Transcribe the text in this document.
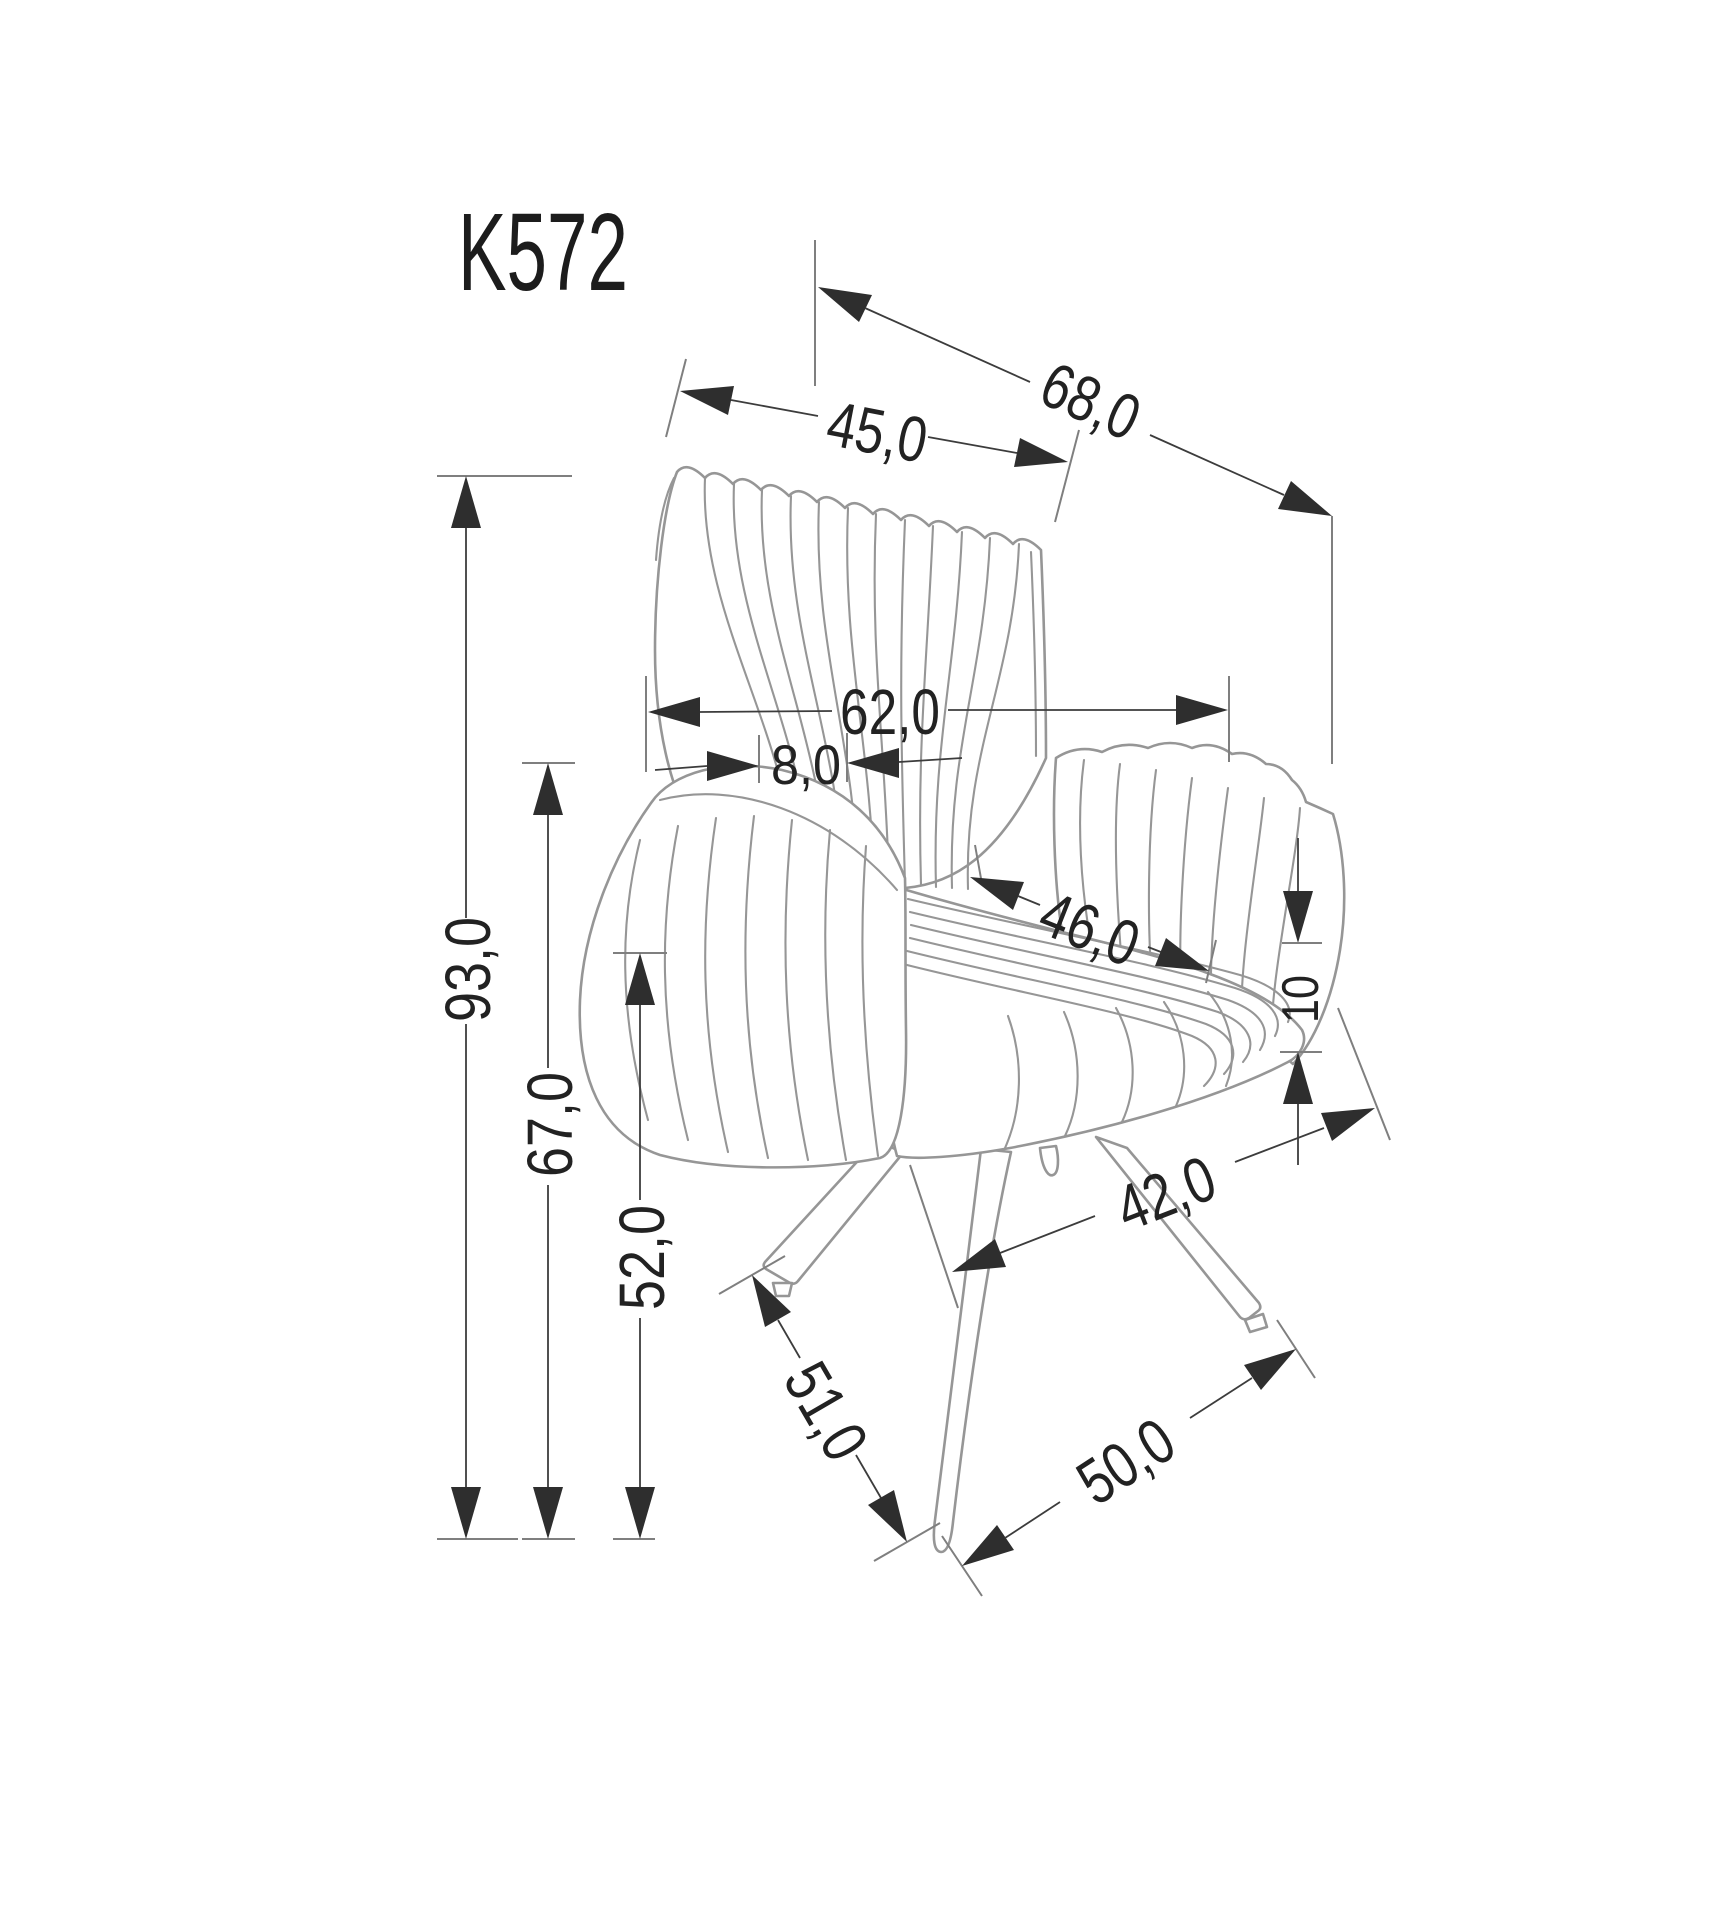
K572
93,0
67,0
52,0
45,0 68,0
62,0
8,0
46,0
10
42,0
51,0	50,0
